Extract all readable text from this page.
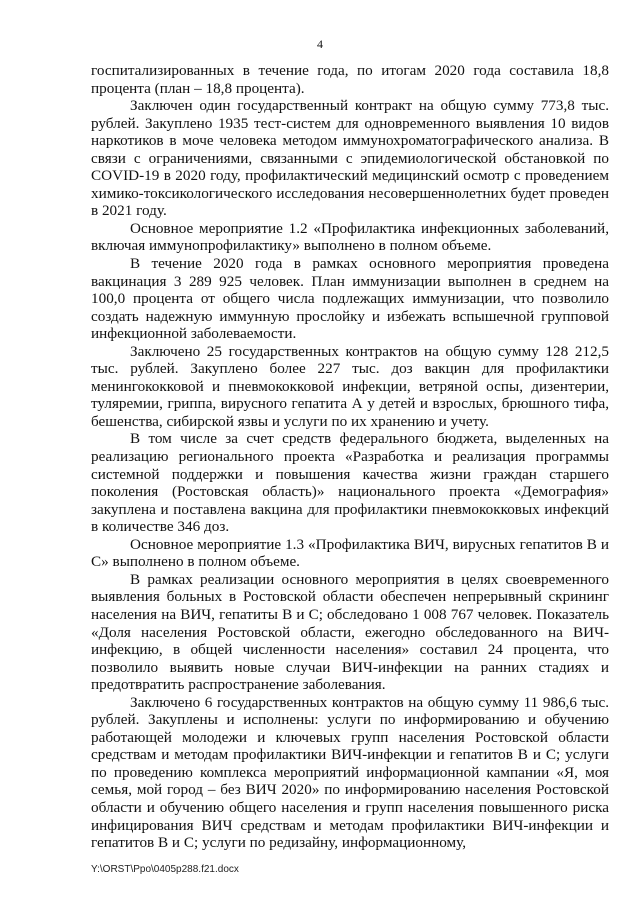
4

госпитализированных в течение года, по итогам 2020 года составила 18,8 процента (план – 18,8 процента).

Заключен один государственный контракт на общую сумму 773,8 тыс. рублей. Закуплено 1935 тест-систем для одновременного выявления 10 видов наркотиков в моче человека методом иммунохроматографического анализа. В связи с ограничениями, связанными с эпидемиологической обстановкой по COVID-19 в 2020 году, профилактический медицинский осмотр с проведением химико-токсикологического исследования несовершеннолетних будет проведен в 2021 году.

Основное мероприятие 1.2 «Профилактика инфекционных заболеваний, включая иммунопрофилактику» выполнено в полном объеме.

В течение 2020 года в рамках основного мероприятия проведена вакцинация 3 289 925 человек. План иммунизации выполнен в среднем на 100,0 процента от общего числа подлежащих иммунизации, что позволило создать надежную иммунную прослойку и избежать вспышечной групповой инфекционной заболеваемости.

Заключено 25 государственных контрактов на общую сумму 128 212,5 тыс. рублей. Закуплено более 227 тыс. доз вакцин для профилактики менингококковой и пневмококковой инфекции, ветряной оспы, дизентерии, туляремии, гриппа, вирусного гепатита А у детей и взрослых, брюшного тифа, бешенства, сибирской язвы и услуги по их хранению и учету.

В том числе за счет средств федерального бюджета, выделенных на реализацию регионального проекта «Разработка и реализация программы системной поддержки и повышения качества жизни граждан старшего поколения (Ростовская область)» национального проекта «Демография» закуплена и поставлена вакцина для профилактики пневмококковых инфекций в количестве 346 доз.

Основное мероприятие 1.3 «Профилактика ВИЧ, вирусных гепатитов В и С» выполнено в полном объеме.

В рамках реализации основного мероприятия в целях своевременного выявления больных в Ростовской области обеспечен непрерывный скрининг населения на ВИЧ, гепатиты В и С; обследовано 1 008 767 человек. Показатель «Доля населения Ростовской области, ежегодно обследованного на ВИЧ-инфекцию, в общей численности населения» составил 24 процента, что позволило выявить новые случаи ВИЧ-инфекции на ранних стадиях и предотвратить распространение заболевания.

Заключено 6 государственных контрактов на общую сумму 11 986,6 тыс. рублей. Закуплены и исполнены: услуги по информированию и обучению работающей молодежи и ключевых групп населения Ростовской области средствам и методам профилактики ВИЧ-инфекции и гепатитов В и С; услуги по проведению комплекса мероприятий информационной кампании «Я, моя семья, мой город – без ВИЧ 2020» по информированию населения Ростовской области и обучению общего населения и групп населения повышенного риска инфицирования ВИЧ средствам и методам профилактики ВИЧ-инфекции и гепатитов В и С; услуги по редизайну, информационному,

Y:\ORST\Ppo\0405p288.f21.docx
